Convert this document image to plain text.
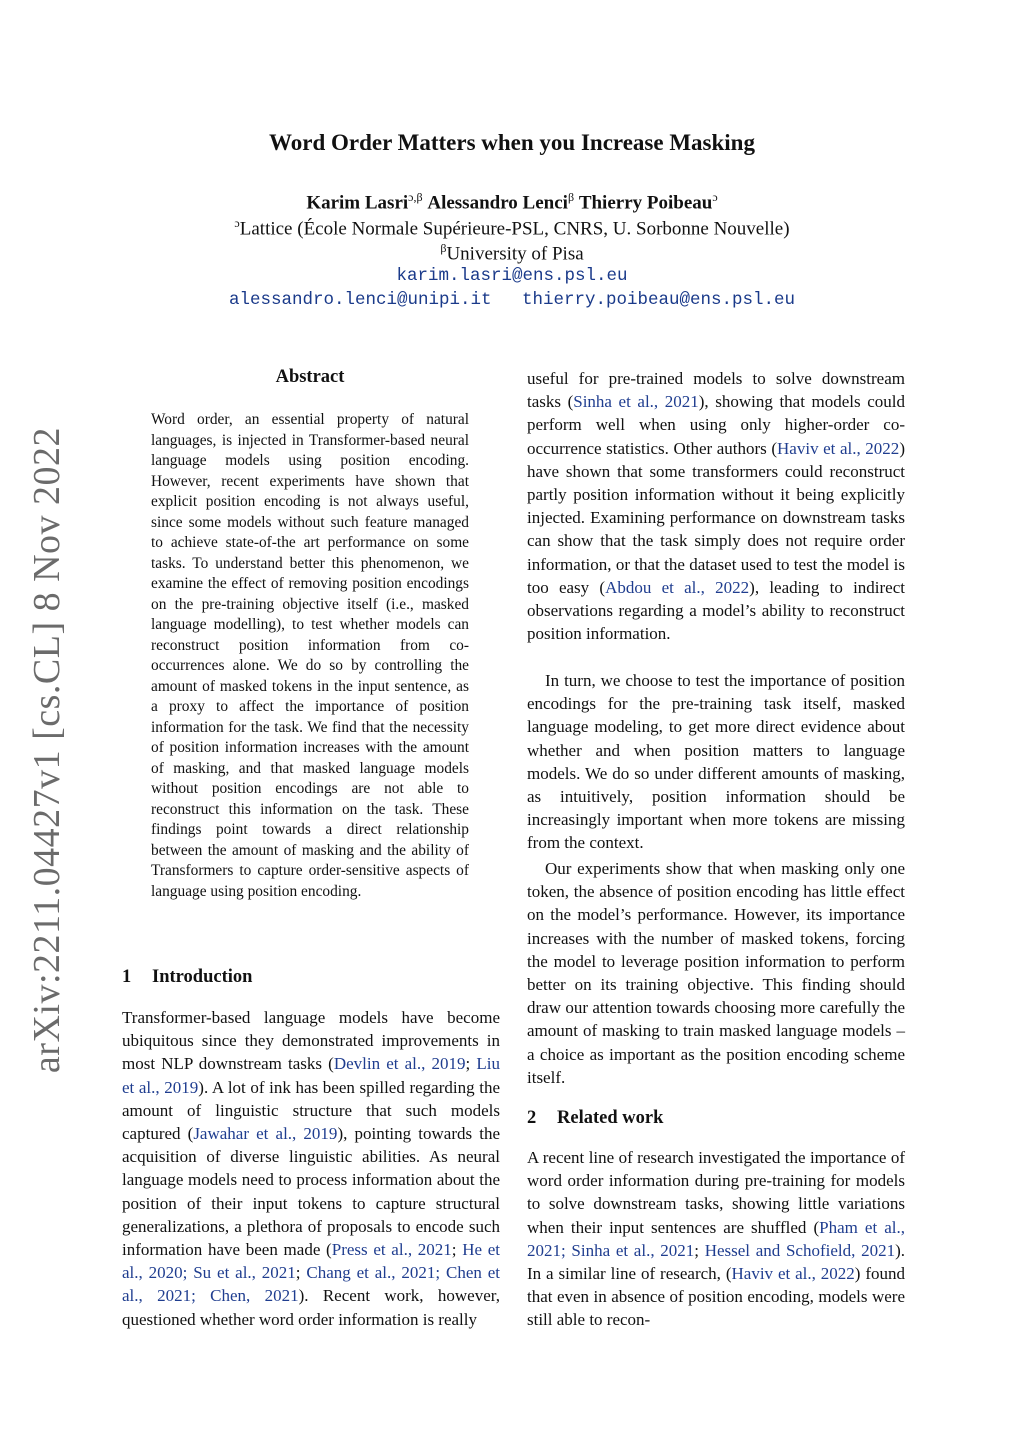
arXiv:2211.04427v1 [cs.CL] 8 Nov 2022
Word Order Matters when you Increase Masking
Karim Lasri$^{ɔ,\beta}$ Alessandro Lenci$^\beta$ Thierry Poibeau$^ɔ$
$^ɔ$Lattice (École Normale Supérieure-PSL, CNRS, U. Sorbonne Nouvelle)
$^\beta$University of Pisa
karim.lasri@ens.psl.eu
alessandro.lenci@unipi.it thierry.poibeau@ens.psl.eu
Abstract

Word order, an essential property of natural languages, is injected in Transformer-based neural language models using position encoding. However, recent experiments have shown that explicit position encoding is not always useful, since some models without such feature managed to achieve state-of-the art performance on some tasks. To understand better this phenomenon, we examine the effect of removing position encodings on the pre-training objective itself (i.e., masked language modelling), to test whether models can reconstruct position information from co-occurrences alone. We do so by controlling the amount of masked tokens in the input sentence, as a proxy to affect the importance of position information for the task. We find that the necessity of position information increases with the amount of masking, and that masked language models without position encodings are not able to reconstruct this information on the task. These findings point towards a direct relationship between the amount of masking and the ability of Transformers to capture order-sensitive aspects of language using position encoding.

1 Introduction

Transformer-based language models have become ubiquitous since they demonstrated improvements in most NLP downstream tasks (Devlin et al., 2019; Liu et al., 2019). A lot of ink has been spilled regarding the amount of linguistic structure that such models captured (Jawahar et al., 2019), pointing towards the acquisition of diverse linguistic abilities. As neural language models need to process information about the position of their input tokens to capture structural generalizations, a plethora of proposals to encode such information have been made (Press et al., 2021; He et al., 2020; Su et al., 2021; Chang et al., 2021; Chen et al., 2021; Chen, 2021). Recent work, however, questioned whether word order information is really

useful for pre-trained models to solve downstream tasks (Sinha et al., 2021), showing that models could perform well when using only higher-order co-occurrence statistics. Other authors (Haviv et al., 2022) have shown that some transformers could reconstruct partly position information without it being explicitly injected. Examining performance on downstream tasks can show that the task simply does not require order information, or that the dataset used to test the model is too easy (Abdou et al., 2022), leading to indirect observations regarding a model’s ability to reconstruct position information.

In turn, we choose to test the importance of position encodings for the pre-training task itself, masked language modeling, to get more direct evidence about whether and when position matters to language models. We do so under different amounts of masking, as intuitively, position information should be increasingly important when more tokens are missing from the context.

Our experiments show that when masking only one token, the absence of position encoding has little effect on the model’s performance. However, its importance increases with the number of masked tokens, forcing the model to leverage position information to perform better on its training objective. This finding should draw our attention towards choosing more carefully the amount of masking to train masked language models – a choice as important as the position encoding scheme itself.

2 Related work

A recent line of research investigated the importance of word order information during pre-training for models to solve downstream tasks, showing little variations when their input sentences are shuffled (Pham et al., 2021; Sinha et al., 2021; Hessel and Schofield, 2021). In a similar line of research, (Haviv et al., 2022) found that even in absence of position encoding, models were still able to recon-
